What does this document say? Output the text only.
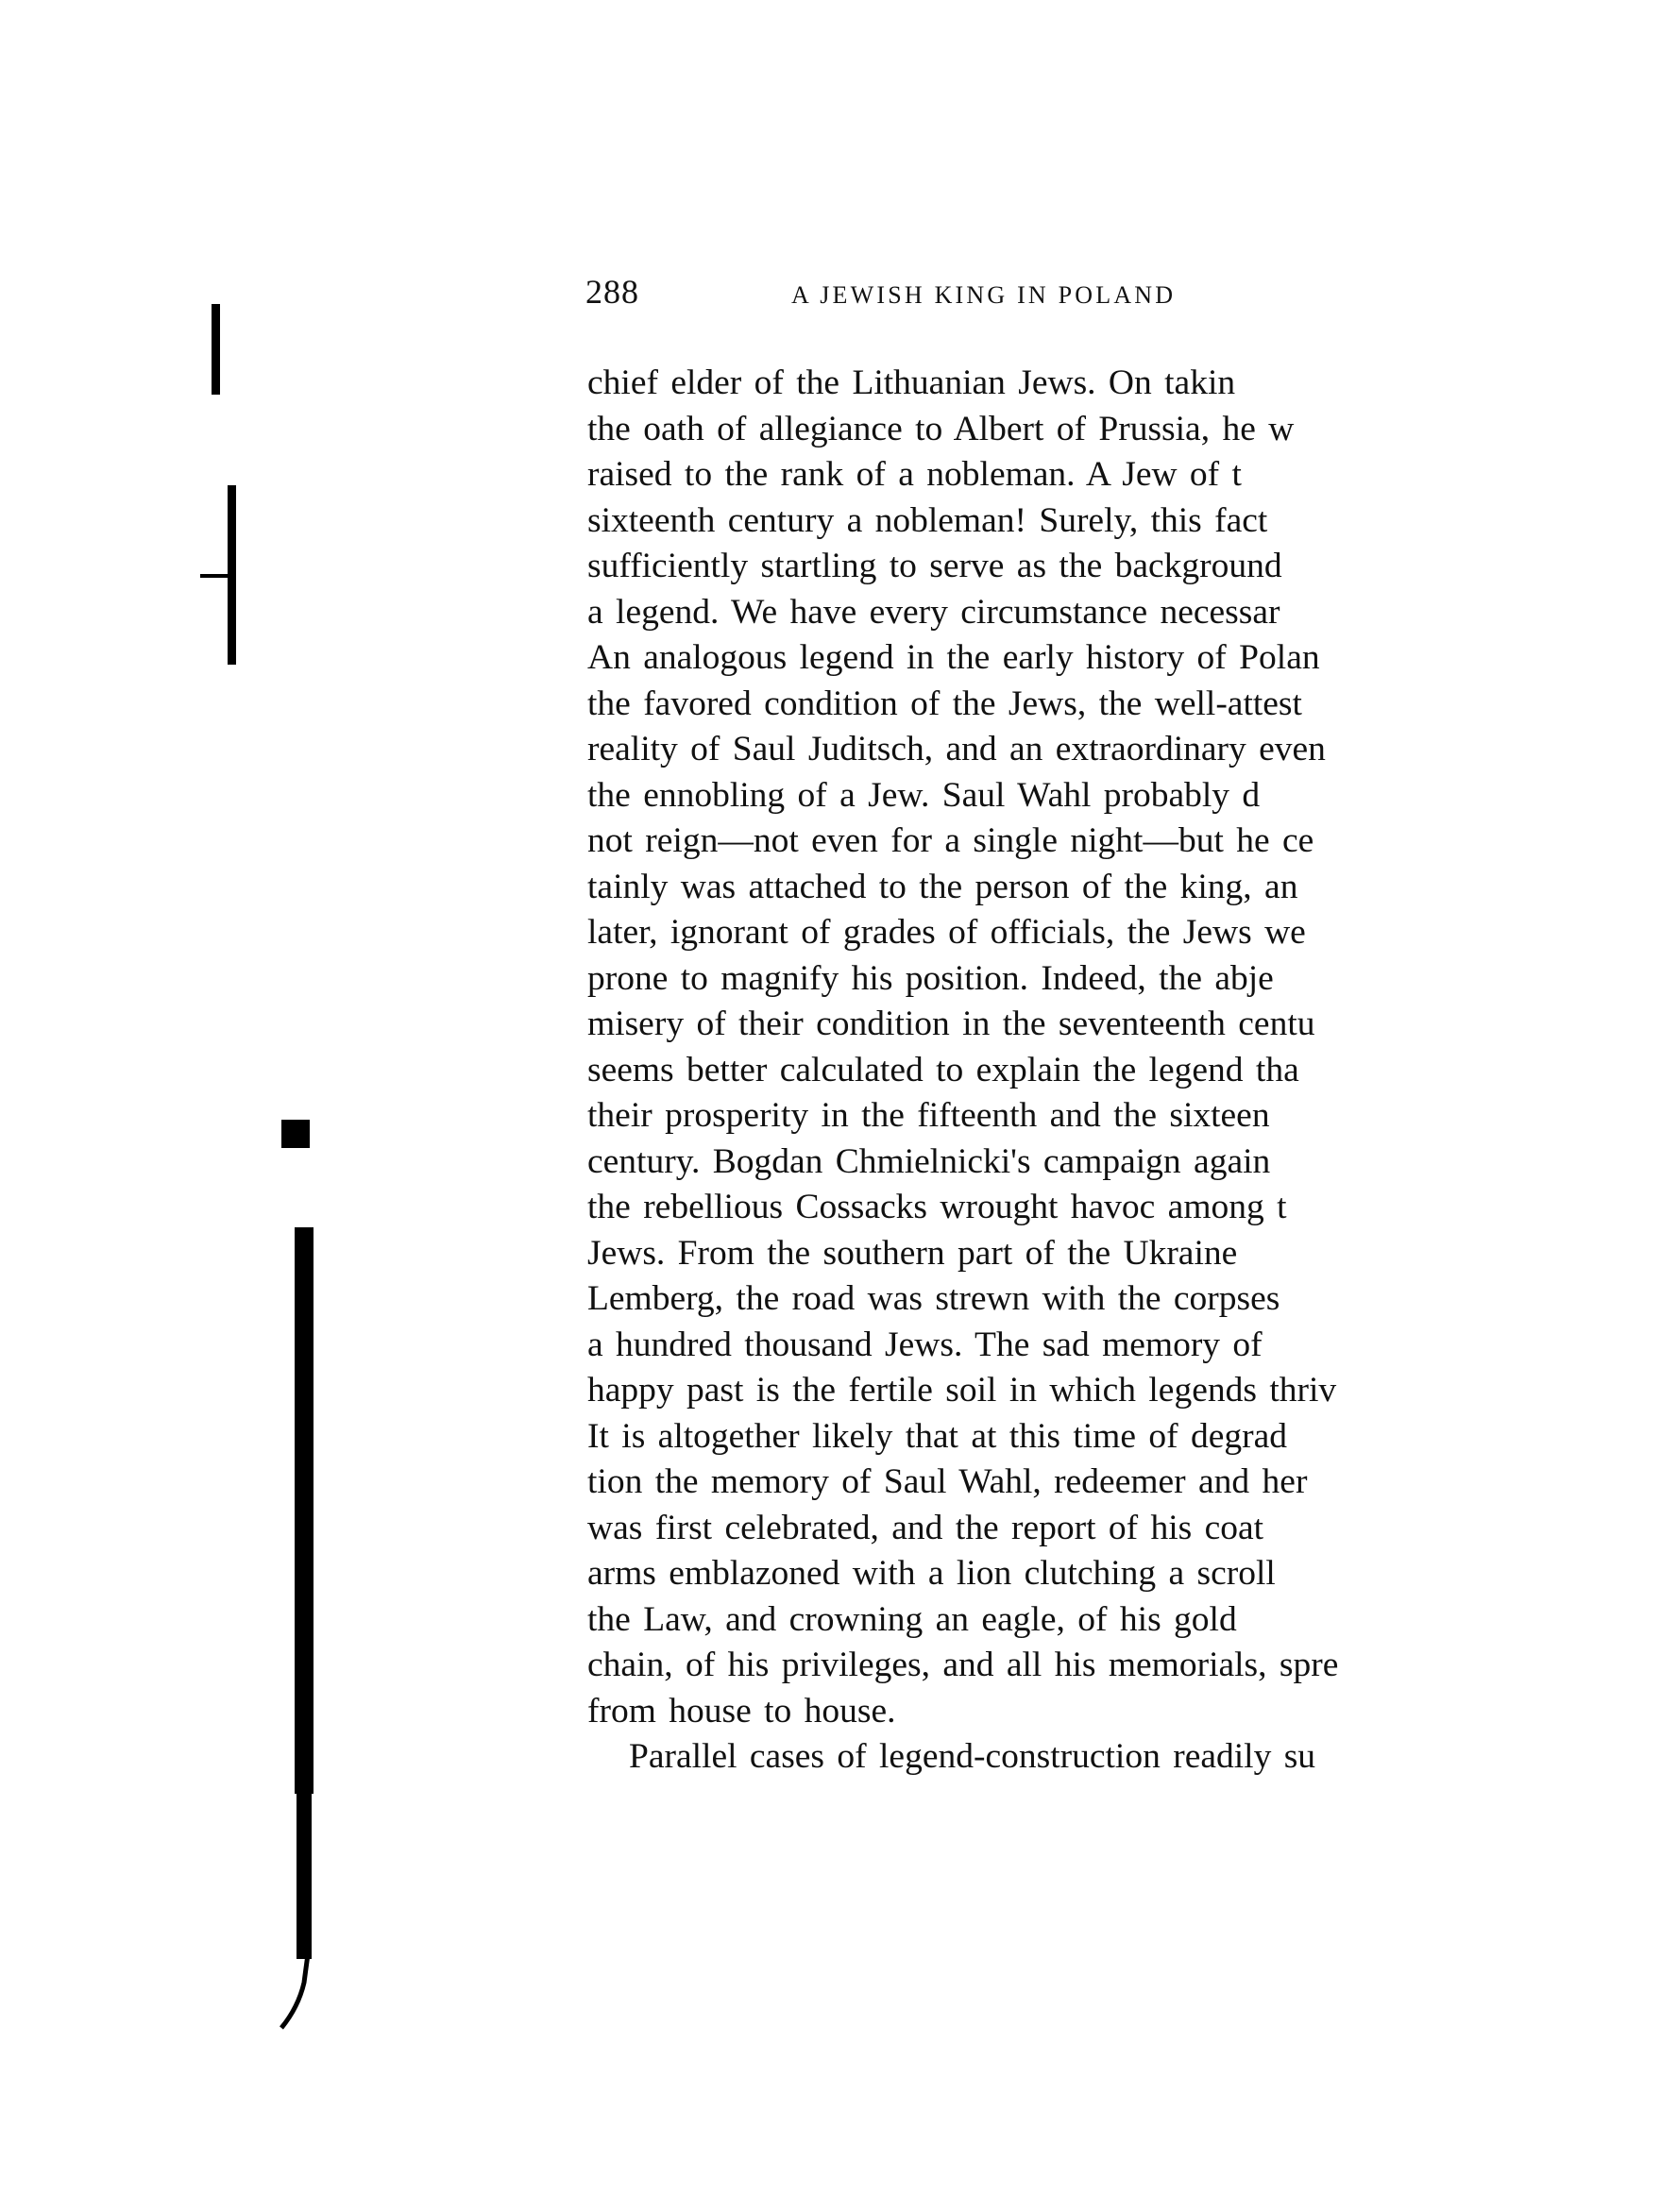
288	A JEWISH KING IN POLAND
chief elder of the Lithuanian Jews. On takin
the oath of allegiance to Albert of Prussia, he w
raised to the rank of a nobleman. A Jew of t
sixteenth century a nobleman! Surely, this fact
sufficiently startling to serve as the background
a legend. We have every circumstance necessar
An analogous legend in the early history of Polan
the favored condition of the Jews, the well-attest
reality of Saul Juditsch, and an extraordinary even
the ennobling of a Jew. Saul Wahl probably d
not reign—not even for a single night—but he ce
tainly was attached to the person of the king, an
later, ignorant of grades of officials, the Jews we
prone to magnify his position. Indeed, the abje
misery of their condition in the seventeenth centu
seems better calculated to explain the legend tha
their prosperity in the fifteenth and the sixteen
century. Bogdan Chmielnicki's campaign again
the rebellious Cossacks wrought havoc among t
Jews. From the southern part of the Ukraine
Lemberg, the road was strewn with the corpses
a hundred thousand Jews. The sad memory of
happy past is the fertile soil in which legends thriv
It is altogether likely that at this time of degrad
tion the memory of Saul Wahl, redeemer and her
was first celebrated, and the report of his coat
arms emblazoned with a lion clutching a scroll
the Law, and crowning an eagle, of his gold
chain, of his privileges, and all his memorials, spre
from house to house.
Parallel cases of legend-construction readily su
